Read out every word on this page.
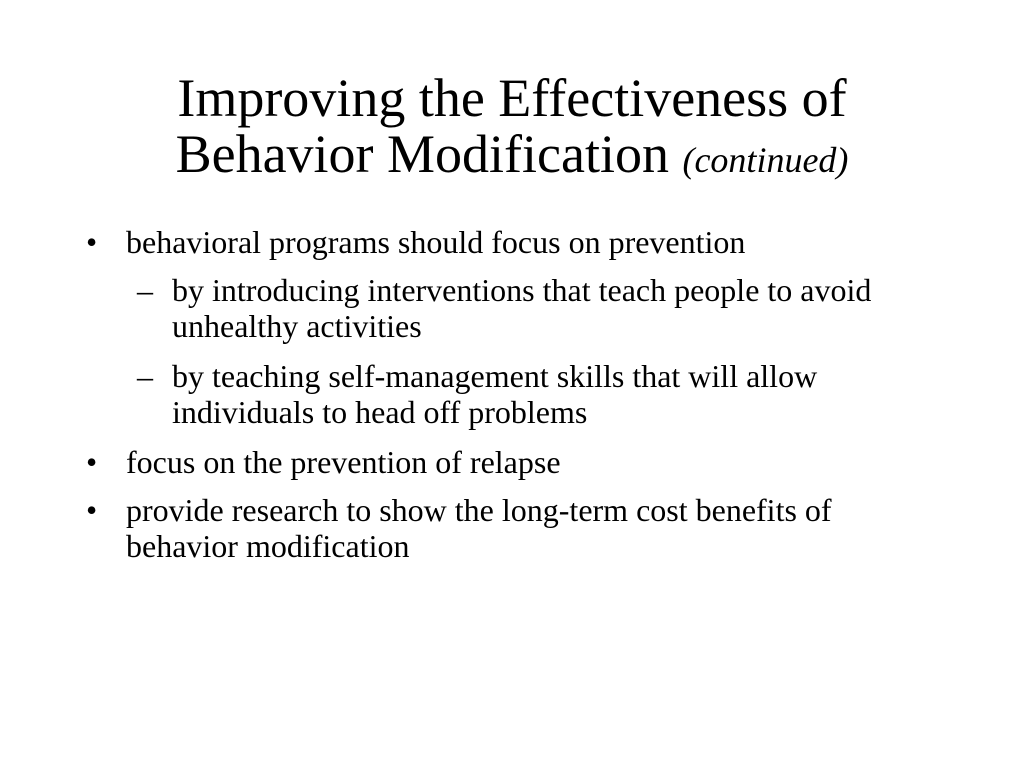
Improving the Effectiveness of
Behavior Modification (continued)
• behavioral programs should focus on prevention
– by introducing interventions that teach people to avoid unhealthy activities
– by teaching self-management skills that will allow individuals to head off problems
• focus on the prevention of relapse
• provide research to show the long-term cost benefits of behavior modification
